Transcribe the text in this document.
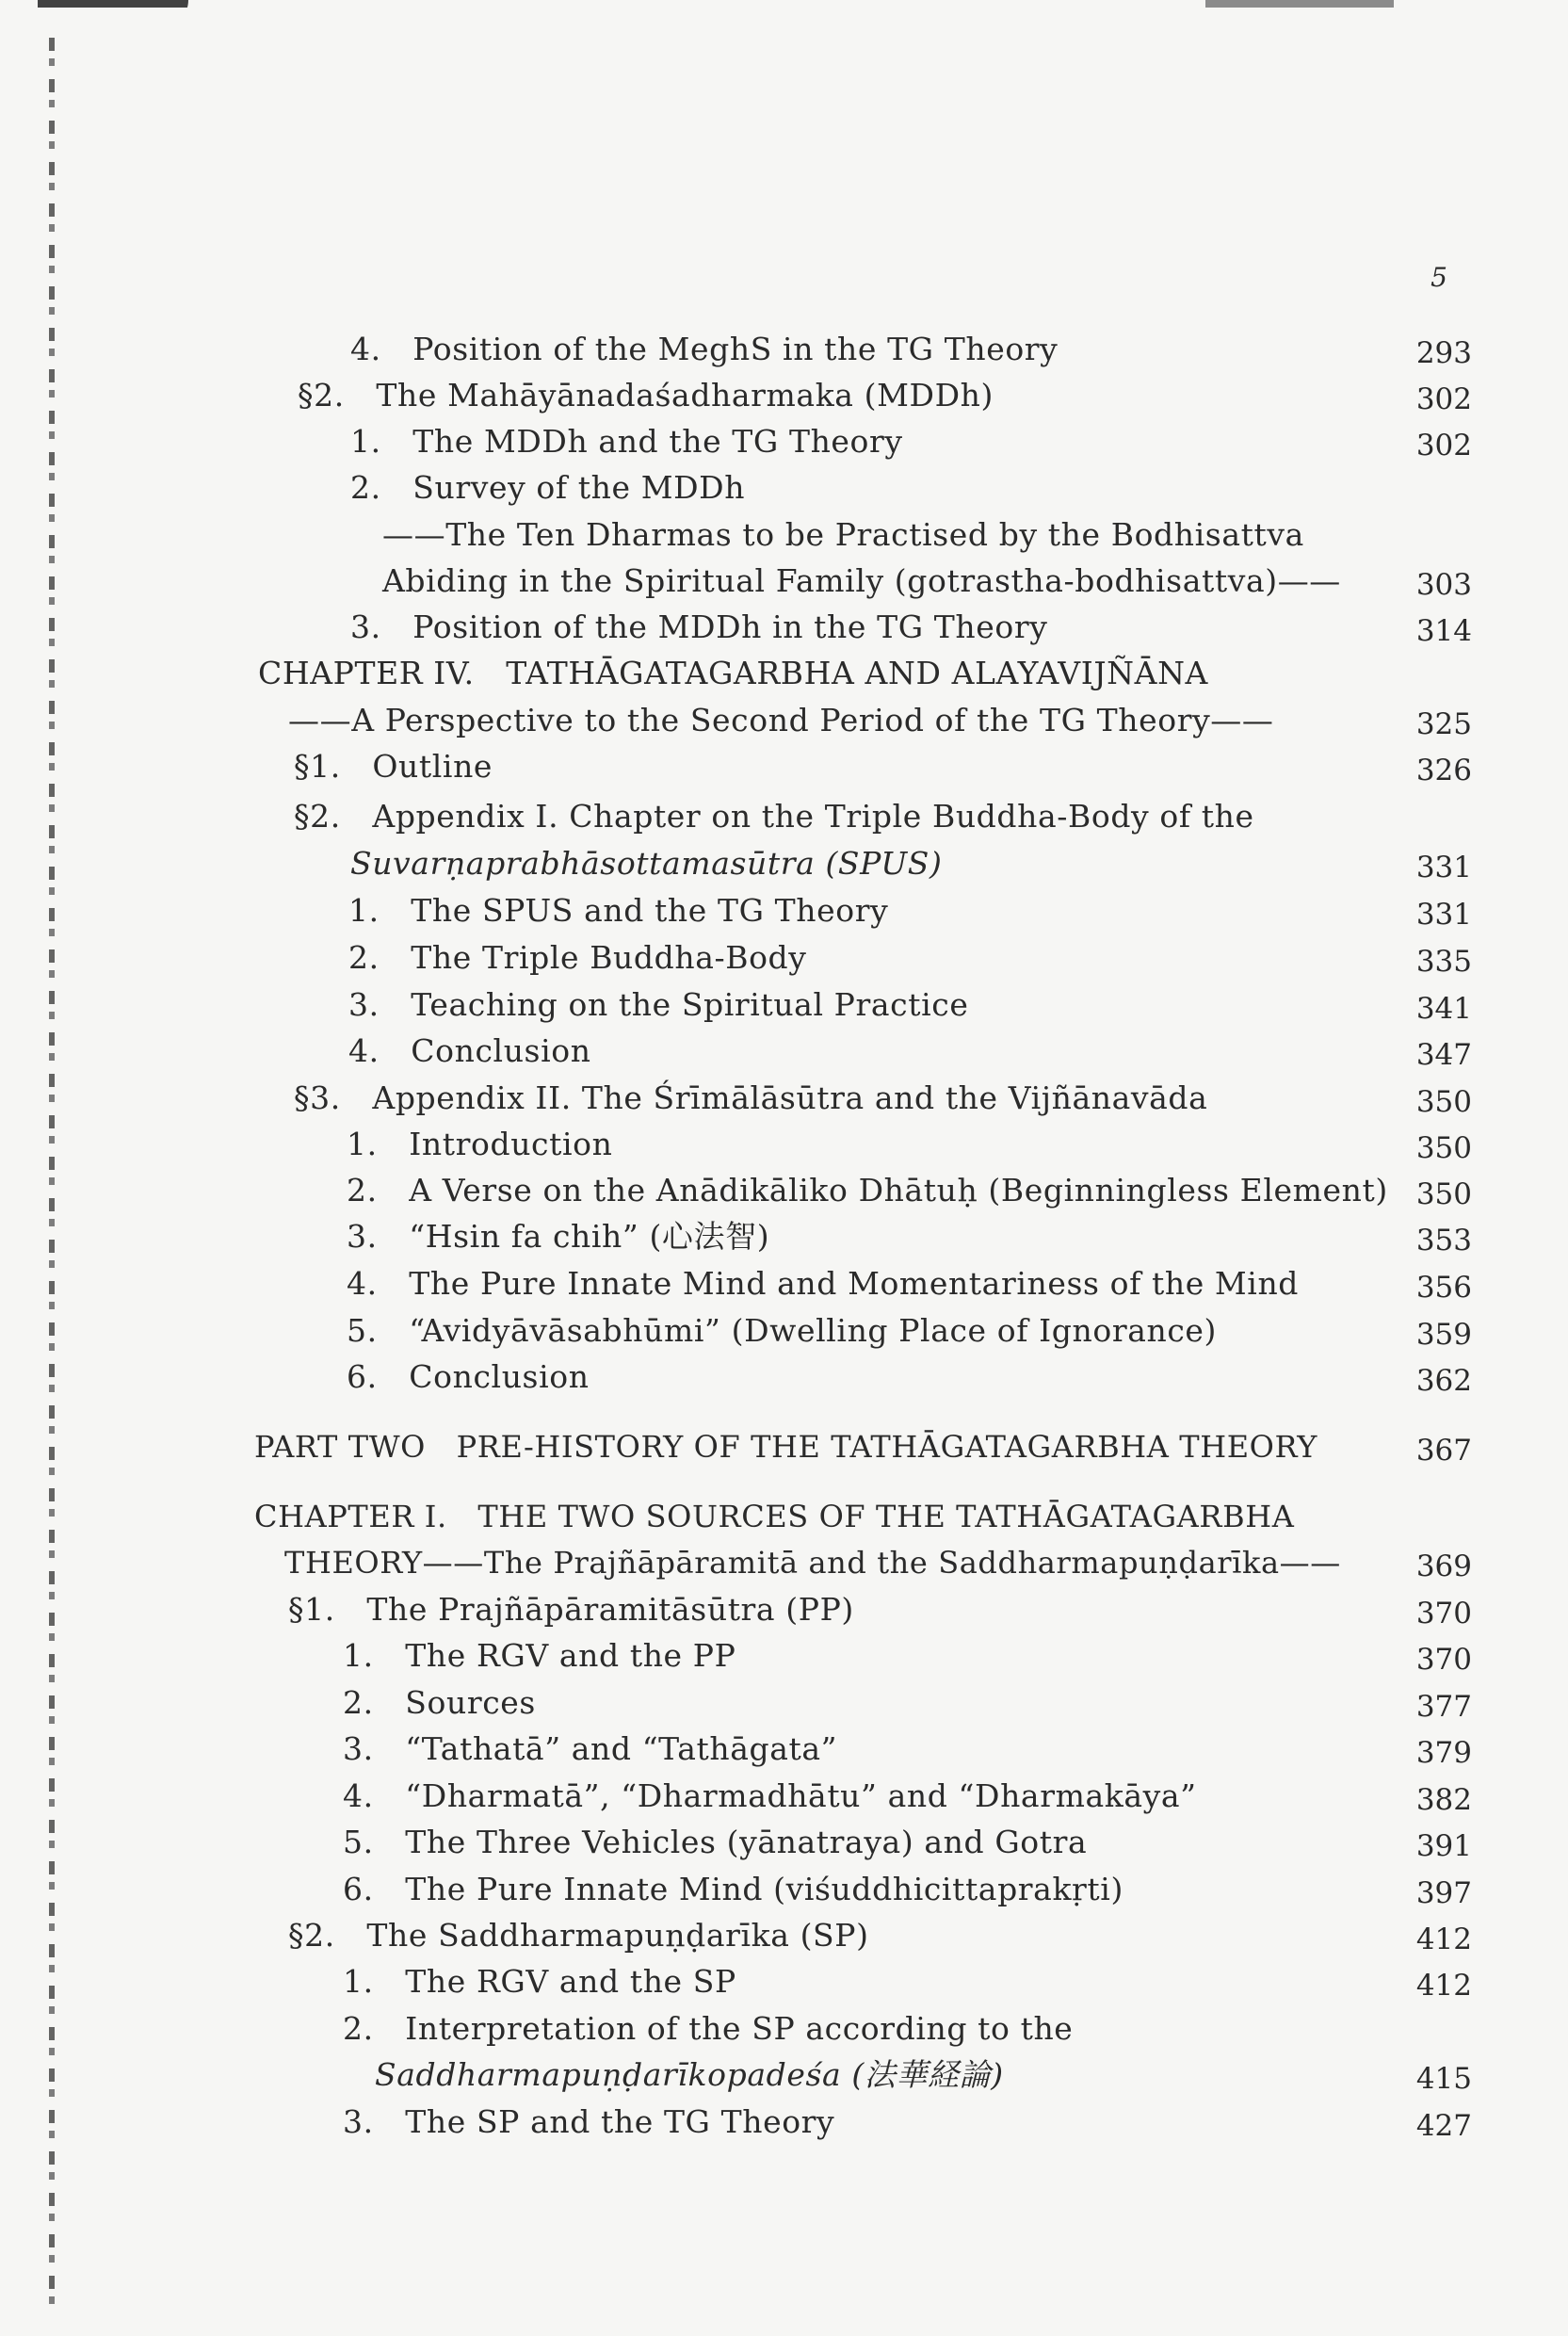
5
4. Position of the MeghS in the TG Theory	293
§2. The Mahāyānadaśadharmaka (MDDh)	302
1. The MDDh and the TG Theory	302
2. Survey of the MDDh
——The Ten Dharmas to be Practised by the Bodhisattva
Abiding in the Spiritual Family (gotrastha-bodhisattva)——	303
3. Position of the MDDh in the TG Theory	314
CHAPTER IV. TATHĀGATAGARBHA AND ALAYAVIJÑĀNA
——A Perspective to the Second Period of the TG Theory——	325
§1. Outline	326
§2. Appendix I. Chapter on the Triple Buddha-Body of the
Suvarṇaprabhāsottamasūtra (SPUS)	331
1. The SPUS and the TG Theory	331
2. The Triple Buddha-Body	335
3. Teaching on the Spiritual Practice	341
4. Conclusion	347
§3. Appendix II. The Śrīmālāsūtra and the Vijñānavāda	350
1. Introduction	350
2. A Verse on the Anādikāliko Dhātuḥ (Beginningless Element) 350
3. “Hsin fa chih” (心法智)	353
4. The Pure Innate Mind and Momentariness of the Mind	356
5. “Avidyāvāsabhūmi” (Dwelling Place of Ignorance)	359
6. Conclusion	362
PART TWO PRE-HISTORY OF THE TATHĀGATAGARBHA THEORY	367
CHAPTER I. THE TWO SOURCES OF THE TATHĀGATAGARBHA
THEORY——The Prajñāpāramitā and the Saddharmapuṇḍarīka——	369
§1. The Prajñāpāramitāsūtra (PP)	370
1. The RGV and the PP	370
2. Sources	377
3. “Tathatā” and “Tathāgata”	379
4. “Dharmatā”, “Dharmadhātu” and “Dharmakāya”	382
5. The Three Vehicles (yānatraya) and Gotra	391
6. The Pure Innate Mind (viśuddhicittaprakṛti)	397
§2. The Saddharmapuṇḍarīka (SP)	412
1. The RGV and the SP	412
2. Interpretation of the SP according to the
Saddharmapuṇḍarīkopadeśa (法華経論)	415
3. The SP and the TG Theory	427
